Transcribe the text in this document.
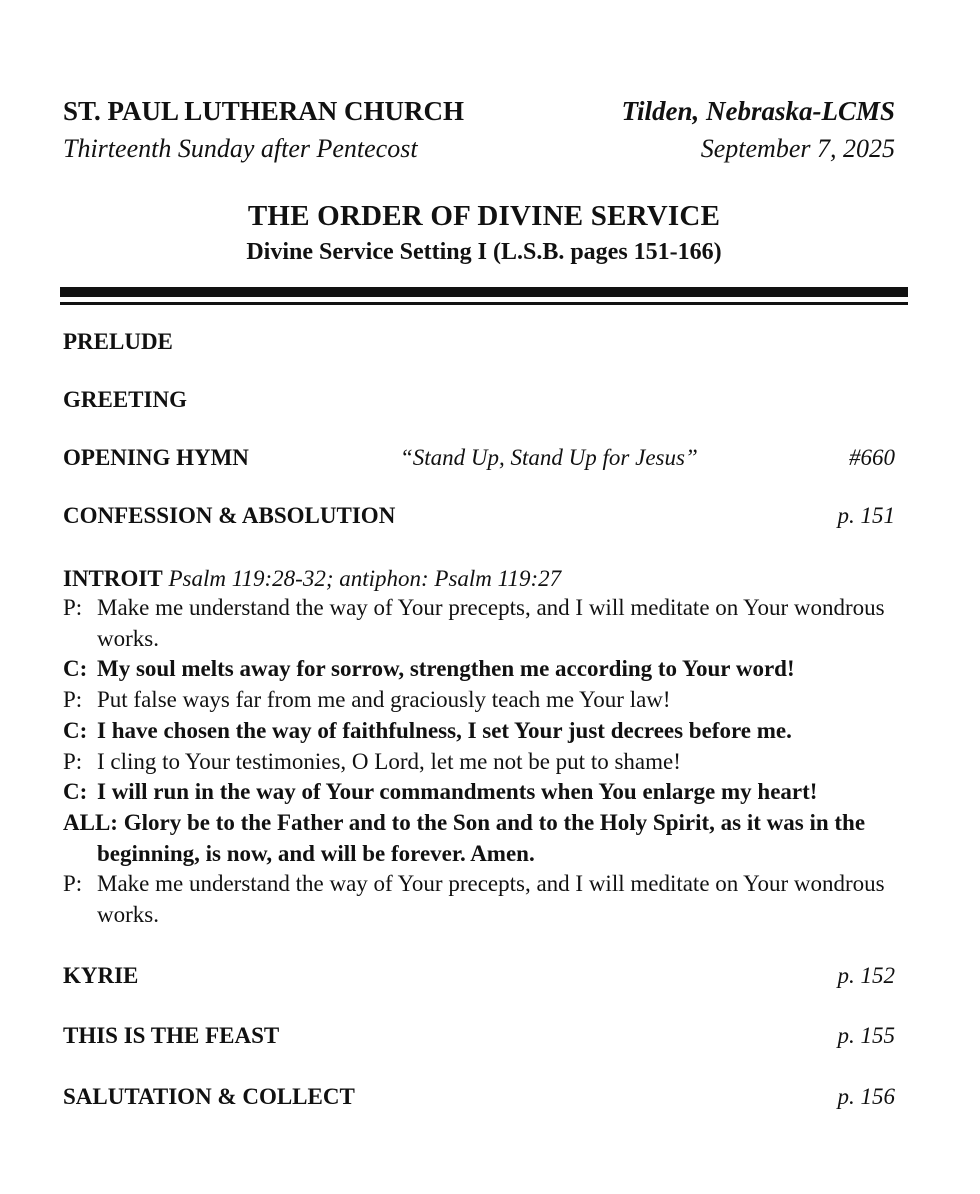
ST. PAUL LUTHERAN CHURCH	Tilden, Nebraska-LCMS
Thirteenth Sunday after Pentecost	September 7, 2025
THE ORDER OF DIVINE SERVICE
Divine Service Setting I (L.S.B. pages 151-166)
PRELUDE
GREETING
OPENING HYMN	“Stand Up, Stand Up for Jesus”	#660
CONFESSION & ABSOLUTION	p. 151
INTROIT Psalm 119:28-32; antiphon: Psalm 119:27
P: Make me understand the way of Your precepts, and I will meditate on Your wondrous works.
C: My soul melts away for sorrow, strengthen me according to Your word!
P: Put false ways far from me and graciously teach me Your law!
C: I have chosen the way of faithfulness, I set Your just decrees before me.
P: I cling to Your testimonies, O Lord, let me not be put to shame!
C: I will run in the way of Your commandments when You enlarge my heart!
ALL: Glory be to the Father and to the Son and to the Holy Spirit, as it was in the beginning, is now, and will be forever. Amen.
P: Make me understand the way of Your precepts, and I will meditate on Your wondrous works.
KYRIE	p. 152
THIS IS THE FEAST	p. 155
SALUTATION & COLLECT	p. 156
